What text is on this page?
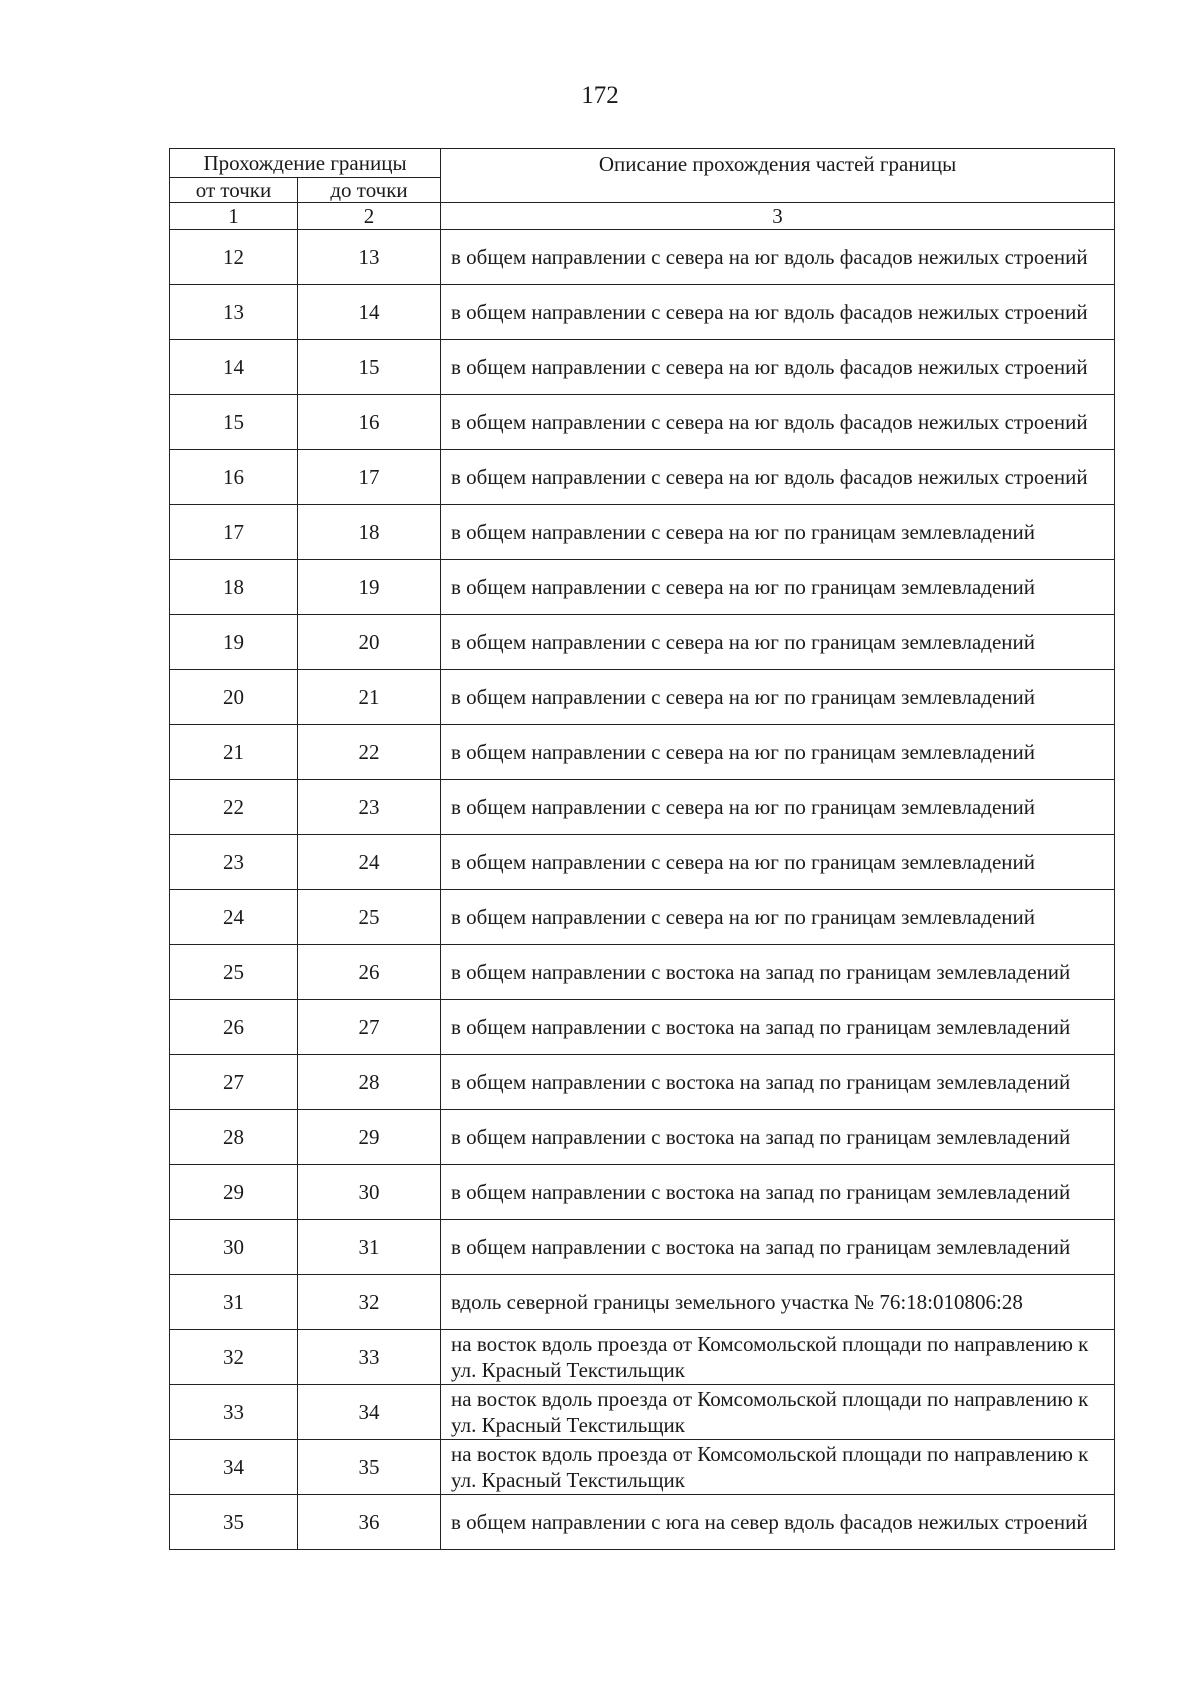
172
Прохождение границы		Описание прохождения частей границы
от точки	до точки	
1	2	3
12	13	в общем направлении с севера на юг вдоль фасадов нежилых строений
13	14	в общем направлении с севера на юг вдоль фасадов нежилых строений
14	15	в общем направлении с севера на юг вдоль фасадов нежилых строений
15	16	в общем направлении с севера на юг вдоль фасадов нежилых строений
16	17	в общем направлении с севера на юг вдоль фасадов нежилых строений
17	18	в общем направлении с севера на юг по границам землевладений
18	19	в общем направлении с севера на юг по границам землевладений
19	20	в общем направлении с севера на юг по границам землевладений
20	21	в общем направлении с севера на юг по границам землевладений
21	22	в общем направлении с севера на юг по границам землевладений
22	23	в общем направлении с севера на юг по границам землевладений
23	24	в общем направлении с севера на юг по границам землевладений
24	25	в общем направлении с севера на юг по границам землевладений
25	26	в общем направлении с востока на запад по границам землевладений
26	27	в общем направлении с востока на запад по границам землевладений
27	28	в общем направлении с востока на запад по границам землевладений
28	29	в общем направлении с востока на запад по границам землевладений
29	30	в общем направлении с востока на запад по границам землевладений
30	31	в общем направлении с востока на запад по границам землевладений
31	32	вдоль северной границы земельного участка № 76:18:010806:28
32	33	на восток вдоль проезда от Комсомольской площади по направлению к ул. Красный Текстильщик
33	34	на восток вдоль проезда от Комсомольской площади по направлению к ул. Красный Текстильщик
34	35	на восток вдоль проезда от Комсомольской площади по направлению к ул. Красный Текстильщик
35	36	в общем направлении с юга на север вдоль фасадов нежилых строений
